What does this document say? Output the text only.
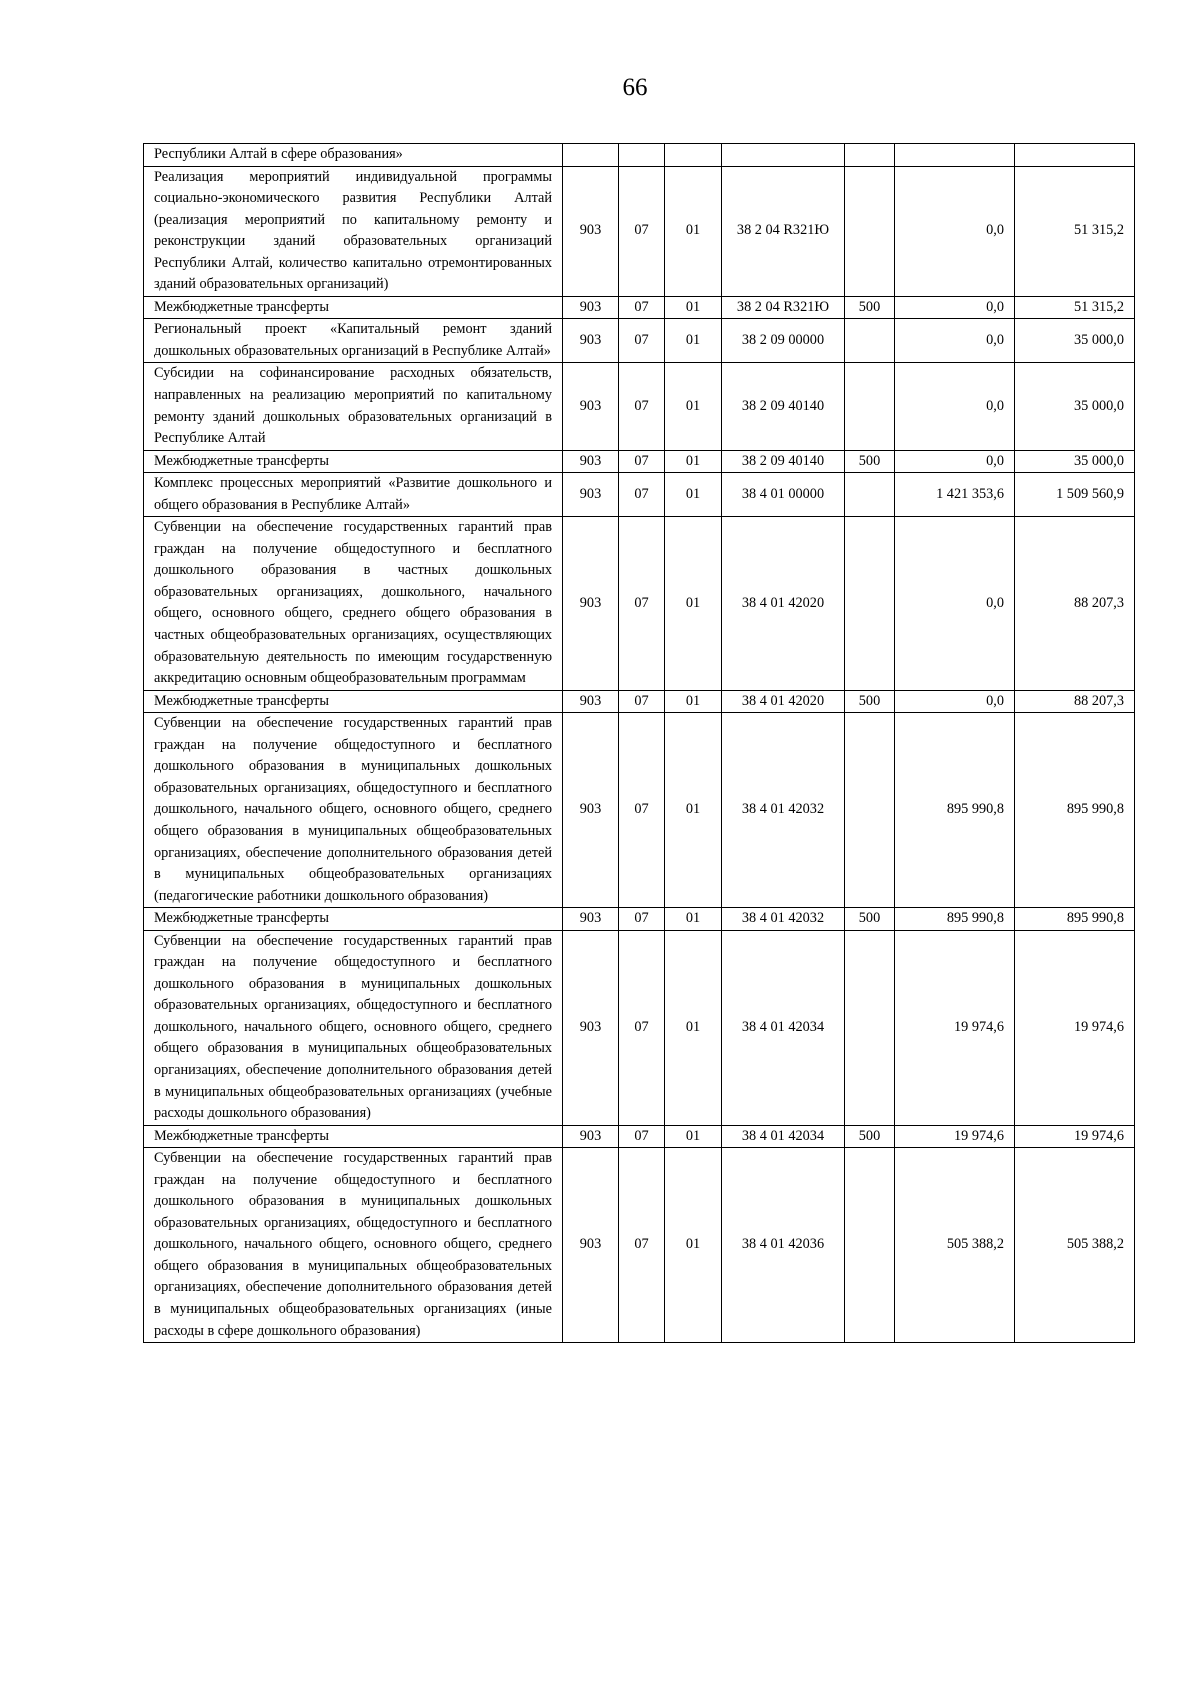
66
Республики Алтай в сфере образования»							
Реализация мероприятий индивидуальной программы социально-экономического развития Республики Алтай (реализация мероприятий по капитальному ремонту и реконструкции зданий образовательных организаций Республики Алтай, количество капитально отремонтированных зданий образовательных организаций)	903	07	01	38 2 04 R321Ю		0,0	51 315,2
Межбюджетные трансферты	903	07	01	38 2 04 R321Ю	500	0,0	51 315,2
Региональный проект «Капитальный ремонт зданий дошкольных образовательных организаций в Республике Алтай»	903	07	01	38 2 09 00000		0,0	35 000,0
Субсидии на софинансирование расходных обязательств, направленных на реализацию мероприятий по капитальному ремонту зданий дошкольных образовательных организаций в Республике Алтай	903	07	01	38 2 09 40140		0,0	35 000,0
Межбюджетные трансферты	903	07	01	38 2 09 40140	500	0,0	35 000,0
Комплекс процессных мероприятий «Развитие дошкольного и общего образования в Республике Алтай»	903	07	01	38 4 01 00000		1 421 353,6	1 509 560,9
Субвенции на обеспечение государственных гарантий прав граждан на получение общедоступного и бесплатного дошкольного образования в частных дошкольных образовательных организациях, дошкольного, начального общего, основного общего, среднего общего образования в частных общеобразовательных организациях, осуществляющих образовательную деятельность по имеющим государственную аккредитацию основным общеобразовательным программам	903	07	01	38 4 01 42020		0,0	88 207,3
Межбюджетные трансферты	903	07	01	38 4 01 42020	500	0,0	88 207,3
Субвенции на обеспечение государственных гарантий прав граждан на получение общедоступного и бесплатного дошкольного образования в муниципальных дошкольных образовательных организациях, общедоступного и бесплатного дошкольного, начального общего, основного общего, среднего общего образования в муниципальных общеобразовательных организациях, обеспечение дополнительного образования детей в муниципальных общеобразовательных организациях (педагогические работники дошкольного образования)	903	07	01	38 4 01 42032		895 990,8	895 990,8
Межбюджетные трансферты	903	07	01	38 4 01 42032	500	895 990,8	895 990,8
Субвенции на обеспечение государственных гарантий прав граждан на получение общедоступного и бесплатного дошкольного образования в муниципальных дошкольных образовательных организациях, общедоступного и бесплатного дошкольного, начального общего, основного общего, среднего общего образования в муниципальных общеобразовательных организациях, обеспечение дополнительного образования детей в муниципальных общеобразовательных организациях (учебные расходы дошкольного образования)	903	07	01	38 4 01 42034		19 974,6	19 974,6
Межбюджетные трансферты	903	07	01	38 4 01 42034	500	19 974,6	19 974,6
Субвенции на обеспечение государственных гарантий прав граждан на получение общедоступного и бесплатного дошкольного образования в муниципальных дошкольных образовательных организациях, общедоступного и бесплатного дошкольного, начального общего, основного общего, среднего общего образования в муниципальных общеобразовательных организациях, обеспечение дополнительного образования детей в муниципальных общеобразовательных организациях (иные расходы в сфере дошкольного образования)	903	07	01	38 4 01 42036		505 388,2	505 388,2
